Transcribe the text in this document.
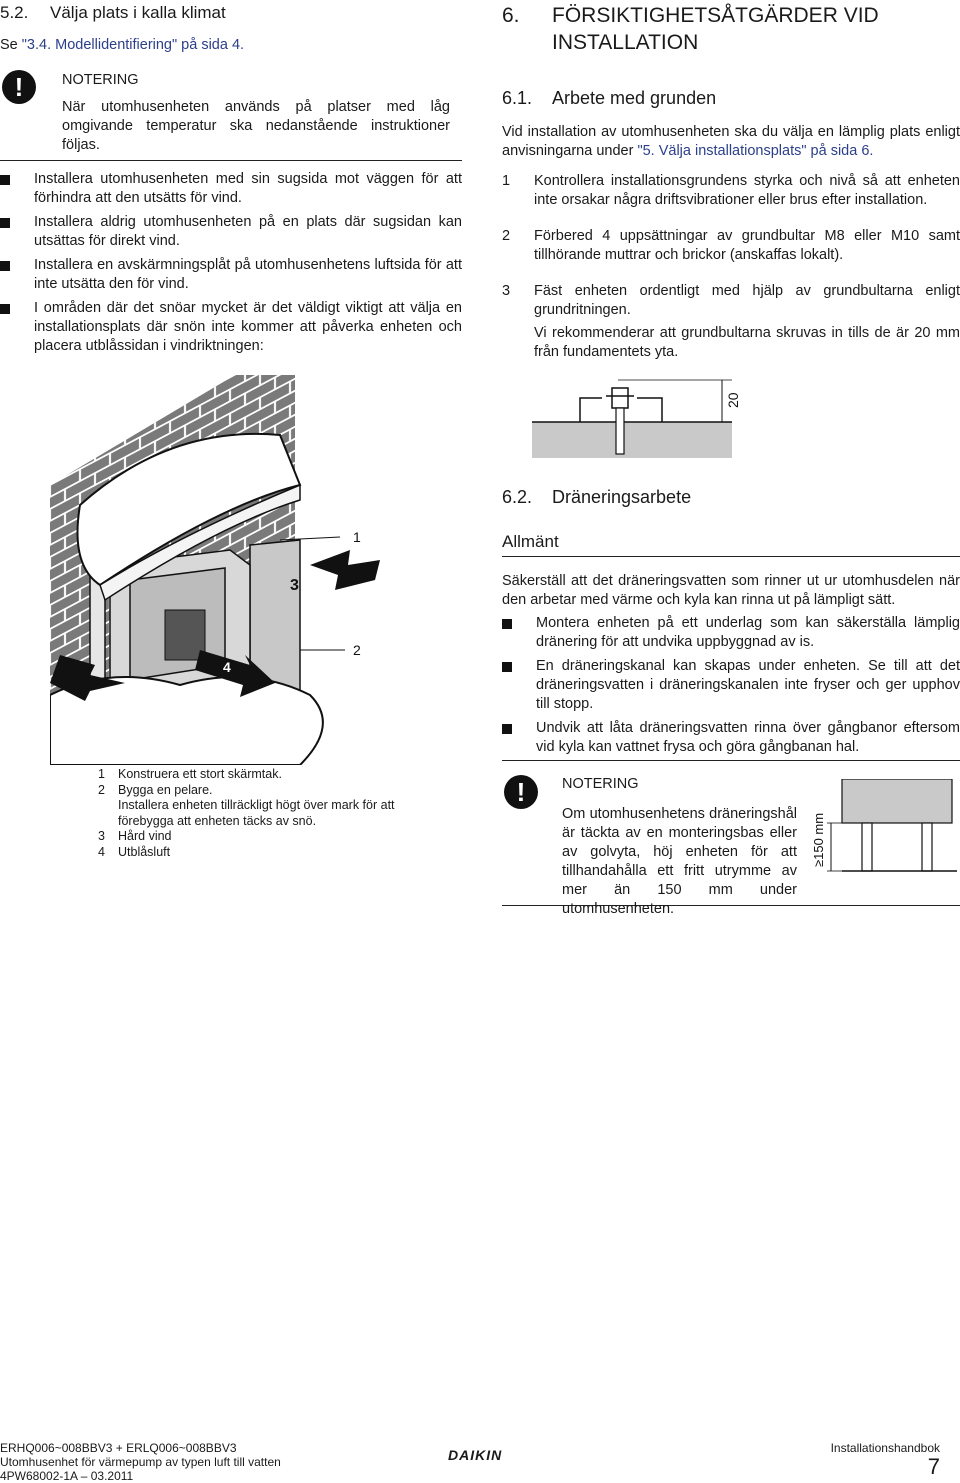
5.2. Välja plats i kalla klimat
Se "3.4. Modellidentifiering" på sida 4.
!	NOTERING
När utomhusenheten används på platser med låg omgivande temperatur ska nedanstående instruktioner följas.
Installera utomhusenheten med sin sugsida mot väggen för att förhindra att den utsätts för vind.
Installera aldrig utomhusenheten på en plats där sugsidan kan utsättas för direkt vind.
Installera en avskärmningsplåt på utomhusenhetens luftsida för att inte utsätta den för vind.
I områden där det snöar mycket är det väldigt viktigt att välja en installationsplats där snön inte kommer att påverka enheten och placera utblåssidan i vindriktningen:
3
4
3
1
2
1 Konstruera ett stort skärmtak.
2 Bygga en pelare.
Installera enheten tillräckligt högt över mark för att förebygga att enheten täcks av snö.
3 Hård vind
4 Utblåsluft
6. FÖRSIKTIGHETSÅTGÄRDER VID
INSTALLATION
6.1. Arbete med grunden
Vid installation av utomhusenheten ska du välja en lämplig plats enligt anvisningarna under "5. Välja installationsplats" på sida 6.
1 Kontrollera installationsgrundens styrka och nivå så att enheten inte orsakar några driftsvibrationer eller brus efter installation.
2 Förbered 4 uppsättningar av grundbultar M8 eller M10 samt tillhörande muttrar och brickor (anskaffas lokalt).
3 Fäst enheten ordentligt med hjälp av grundbultarna enligt grundritningen.
Vi rekommenderar att grundbultarna skruvas in tills de är 20 mm från fundamentets yta.
20
6.2. Dräneringsarbete
Allmänt
Säkerställ att det dräneringsvatten som rinner ut ur utomhusdelen när den arbetar med värme och kyla kan rinna ut på lämpligt sätt.
Montera enheten på ett underlag som kan säkerställa lämplig dränering för att undvika uppbyggnad av is.
En dräneringskanal kan skapas under enheten. Se till att det dräneringsvatten i dräneringskanalen inte fryser och ger upphov till stopp.
Undvik att låta dräneringsvatten rinna över gångbanor eftersom vid kyla kan vattnet frysa och göra gångbanan hal.
!	NOTERING
Om utomhusenhetens dräneringshål är täckta av en monteringsbas eller av golvyta, höj enheten för att tillhandahålla ett fritt utrymme av mer än 150 mm under utomhusenheten.
≥150 mm
ERHQ006~008BBV3 + ERLQ006~008BBV3
Utomhusenhet för värmepump av typen luft till vatten
4PW68002-1A – 03.2011
DAIKIN	Installationshandbok
7
